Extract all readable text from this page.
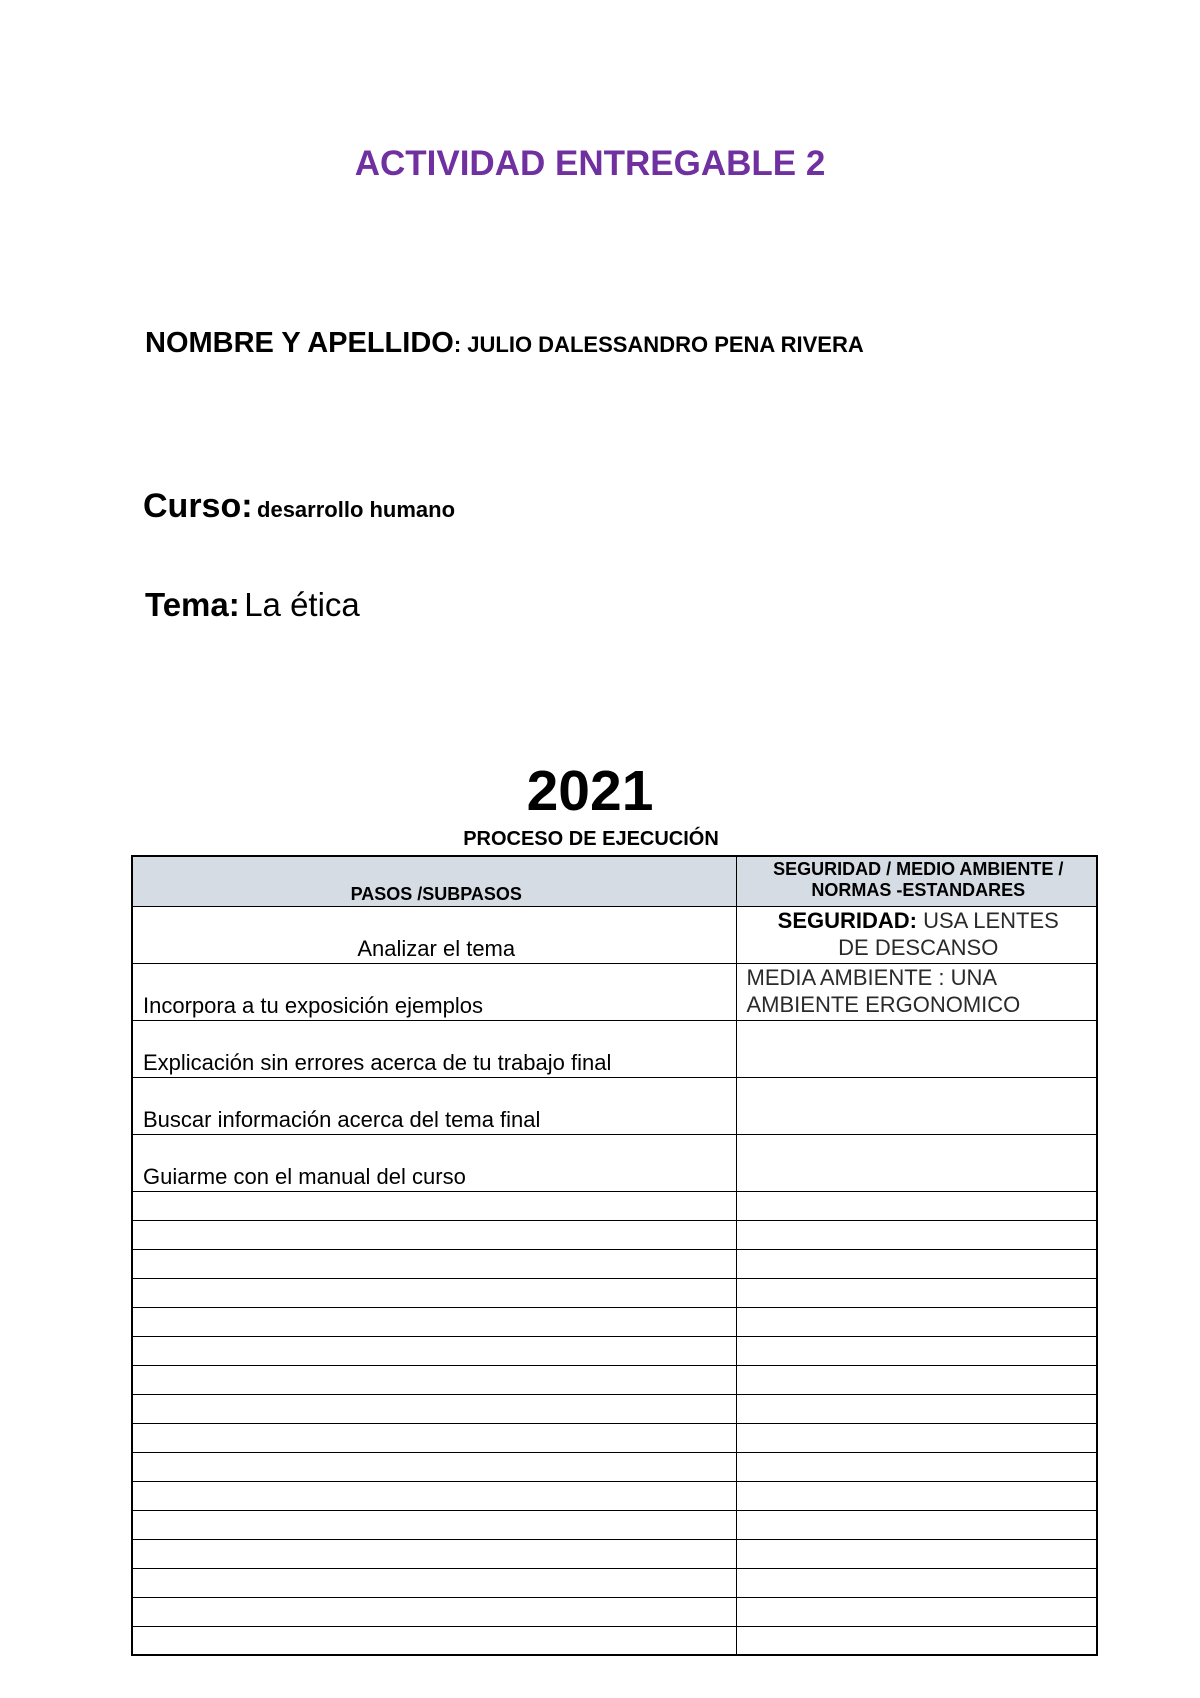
ACTIVIDAD ENTREGABLE 2
NOMBRE Y APELLIDO: JULIO DALESSANDRO PENA RIVERA
Curso: desarrollo humano
Tema: La ética
2021
PROCESO DE EJECUCIÓN
PASOS /SUBPASOS	SEGURIDAD / MEDIO AMBIENTE /
NORMAS -ESTANDARES

Analizar el tema	SEGURIDAD: USA LENTES
DE DESCANSO

Incorpora a tu exposición ejemplos	MEDIA AMBIENTE : UNA
AMBIENTE ERGONOMICO

Explicación sin errores acerca de tu trabajo final	
Buscar información acerca del tema final	
Guiarme con el manual del curso	
